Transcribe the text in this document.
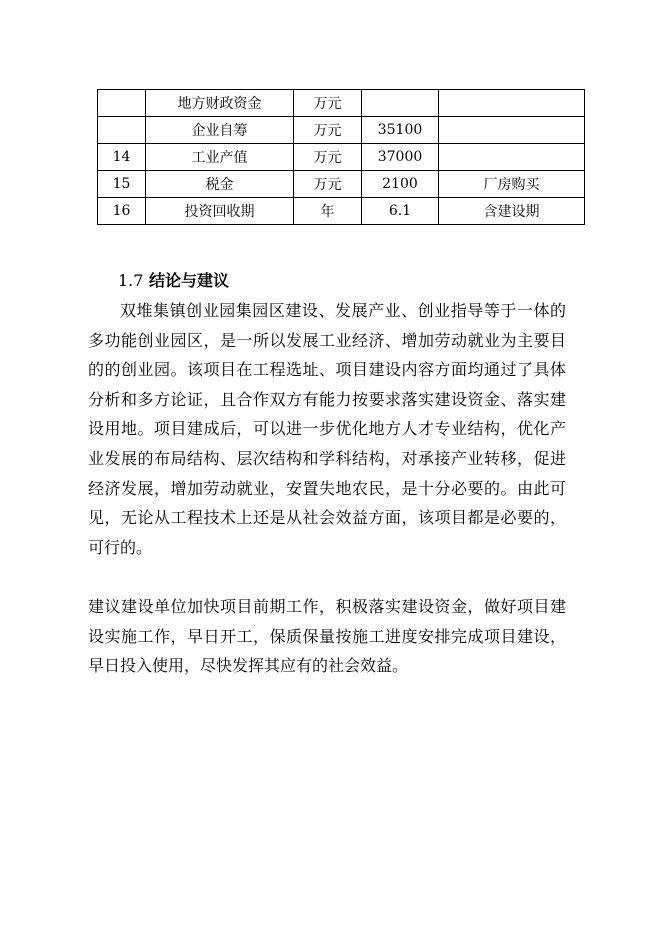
	地方财政资金	万元		
	企业自筹	万元	35100	
14	工业产值	万元	37000	
15	税金	万元	2100	厂房购买
16	投资回收期	年	6.1	含建设期
1.7 结论与建议

双堆集镇创业园集园区建设、发展产业、创业指导等于一体的多功能创业园区，是一所以发展工业经济、增加劳动就业为主要目的的创业园。该项目在工程选址、项目建设内容方面均通过了具体分析和多方论证，且合作双方有能力按要求落实建设资金、落实建设用地。项目建成后，可以进一步优化地方人才专业结构，优化产业发展的布局结构、层次结构和学科结构，对承接产业转移，促进经济发展，增加劳动就业，安置失地农民，是十分必要的。由此可见，无论从工程技术上还是从社会效益方面，该项目都是必要的，可行的。

建议建设单位加快项目前期工作，积极落实建设资金，做好项目建设实施工作，早日开工，保质保量按施工进度安排完成项目建设，早日投入使用，尽快发挥其应有的社会效益。
